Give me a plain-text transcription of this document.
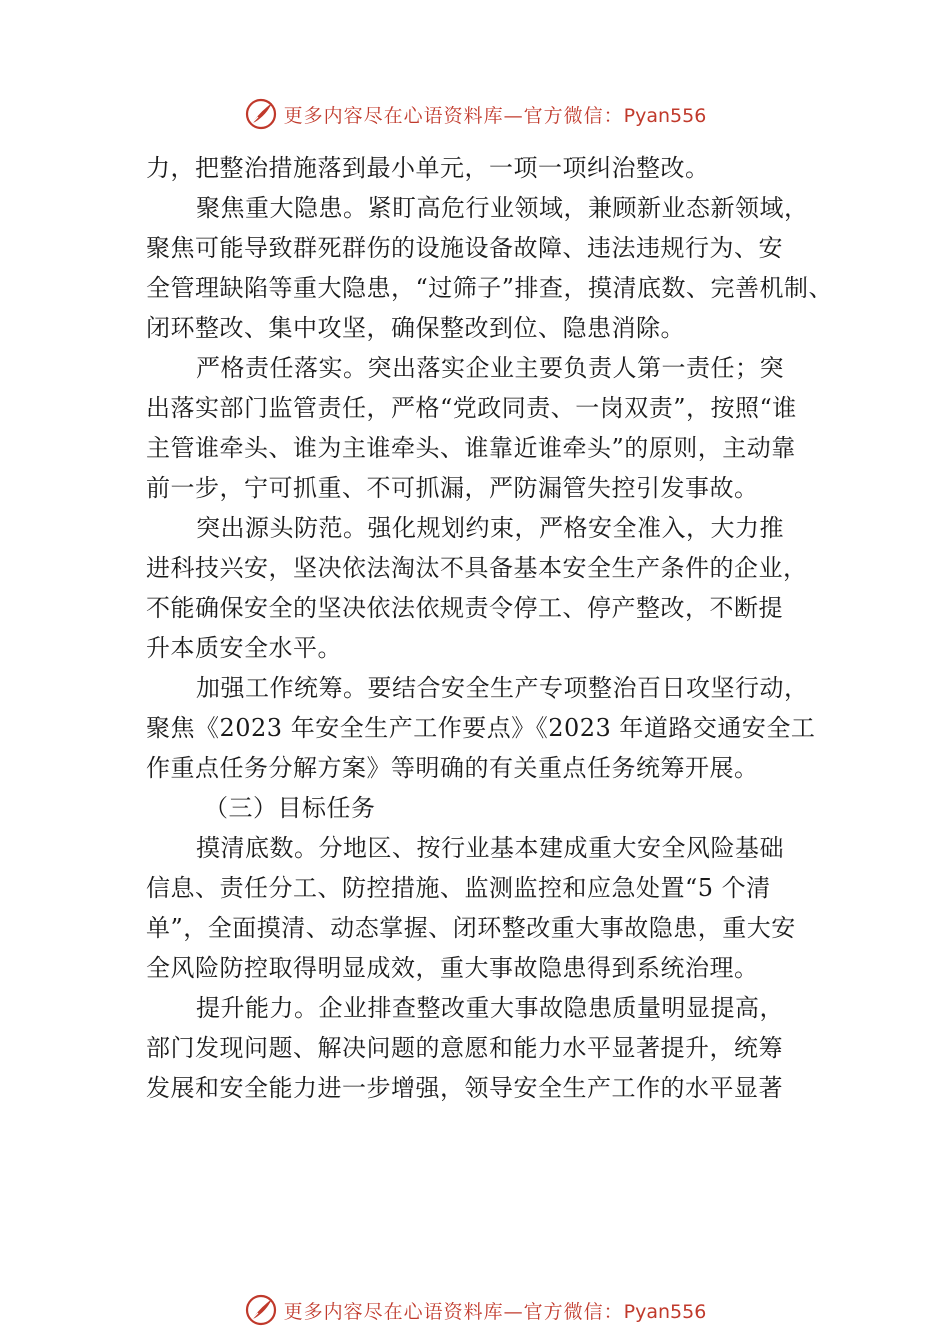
更多内容尽在心语资料库—官方微信：Pyan556
力，把整治措施落到最小单元，一项一项纠治整改。
聚焦重大隐患。紧盯高危行业领域，兼顾新业态新领域，
聚焦可能导致群死群伤的设施设备故障、违法违规行为、安
全管理缺陷等重大隐患，“过筛子”排查，摸清底数、完善机制、
闭环整改、集中攻坚，确保整改到位、隐患消除。
严格责任落实。突出落实企业主要负责人第一责任；突
出落实部门监管责任，严格“党政同责、一岗双责”，按照“谁
主管谁牵头、谁为主谁牵头、谁靠近谁牵头”的原则，主动靠
前一步，宁可抓重、不可抓漏，严防漏管失控引发事故。
突出源头防范。强化规划约束，严格安全准入，大力推
进科技兴安，坚决依法淘汰不具备基本安全生产条件的企业，
不能确保安全的坚决依法依规责令停工、停产整改，不断提
升本质安全水平。
加强工作统筹。要结合安全生产专项整治百日攻坚行动，
聚焦《2023 年安全生产工作要点》《2023 年道路交通安全工
作重点任务分解方案》等明确的有关重点任务统筹开展。
（三）目标任务
摸清底数。分地区、按行业基本建成重大安全风险基础
信息、责任分工、防控措施、监测监控和应急处置“5 个清
单”，全面摸清、动态掌握、闭环整改重大事故隐患，重大安
全风险防控取得明显成效，重大事故隐患得到系统治理。
提升能力。企业排查整改重大事故隐患质量明显提高，
部门发现问题、解决问题的意愿和能力水平显著提升，统筹
发展和安全能力进一步增强，领导安全生产工作的水平显著
更多内容尽在心语资料库—官方微信：Pyan556
